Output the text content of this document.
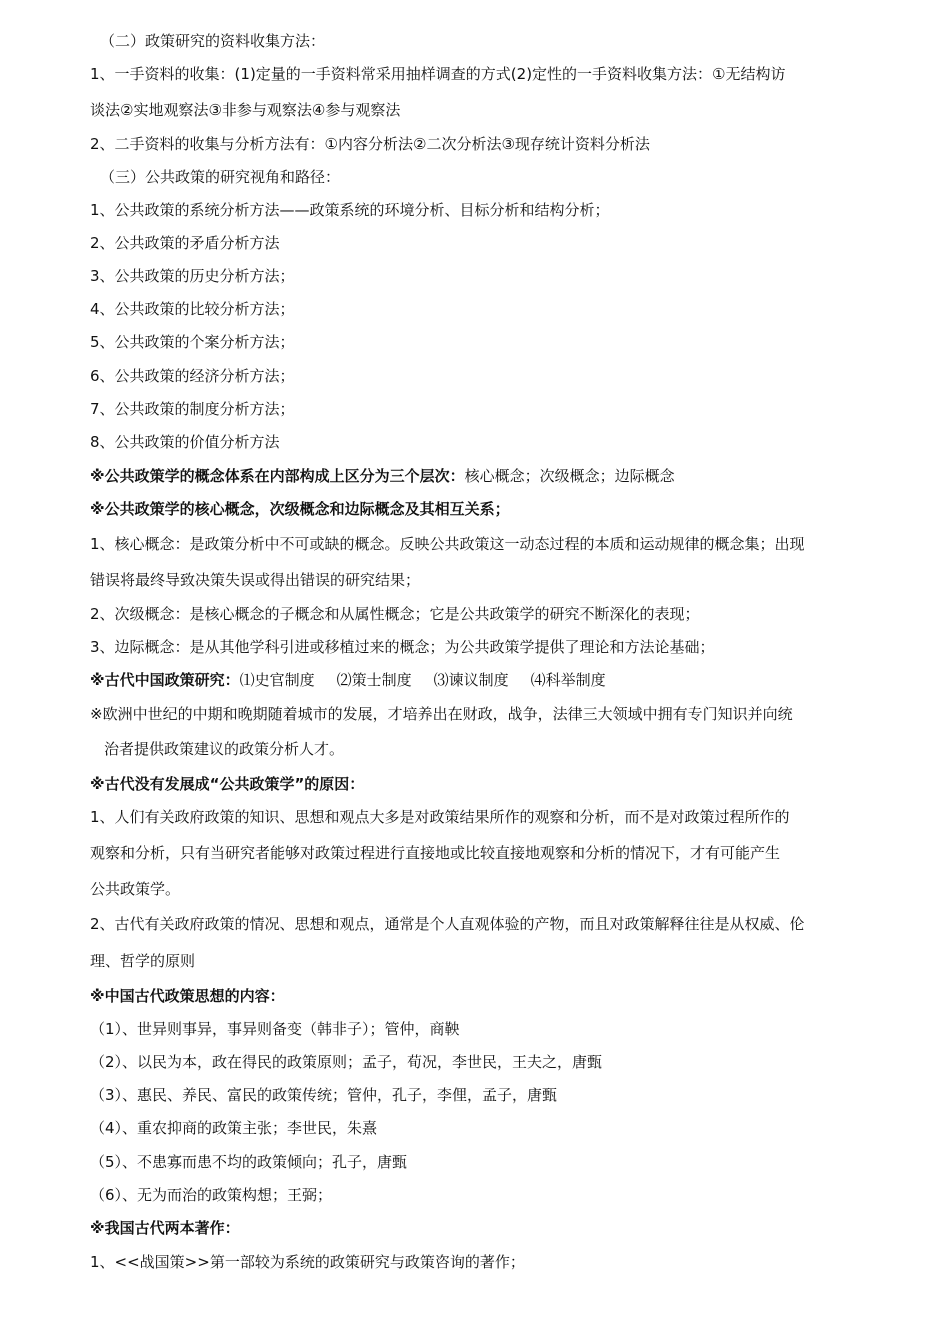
（二）政策研究的资料收集方法：
1、一手资料的收集：(1)定量的一手资料常采用抽样调查的方式(2)定性的一手资料收集方法：①无结构访
谈法②实地观察法③非参与观察法④参与观察法
2、二手资料的收集与分析方法有：①内容分析法②二次分析法③现存统计资料分析法
（三）公共政策的研究视角和路径：
1、公共政策的系统分析方法——政策系统的环境分析、目标分析和结构分析；
2、公共政策的矛盾分析方法
3、公共政策的历史分析方法；
4、公共政策的比较分析方法；
5、公共政策的个案分析方法；
6、公共政策的经济分析方法；
7、公共政策的制度分析方法；
8、公共政策的价值分析方法
※公共政策学的概念体系在内部构成上区分为三个层次：核心概念；次级概念；边际概念
※公共政策学的核心概念，次级概念和边际概念及其相互关系；
1、核心概念：是政策分析中不可或缺的概念。反映公共政策这一动态过程的本质和运动规律的概念集；出现
错误将最终导致决策失误或得出错误的研究结果；
2、次级概念：是核心概念的子概念和从属性概念；它是公共政策学的研究不断深化的表现；
3、边际概念：是从其他学科引进或移植过来的概念；为公共政策学提供了理论和方法论基础；
※古代中国政策研究：⑴史官制度 ⑵策士制度 ⑶谏议制度 ⑷科举制度
※欧洲中世纪的中期和晚期随着城市的发展，才培养出在财政，战争，法律三大领域中拥有专门知识并向统
治者提供政策建议的政策分析人才。
※古代没有发展成“公共政策学”的原因：
1、人们有关政府政策的知识、思想和观点大多是对政策结果所作的观察和分析，而不是对政策过程所作的
观察和分析，只有当研究者能够对政策过程进行直接地或比较直接地观察和分析的情况下，才有可能产生
公共政策学。
2、古代有关政府政策的情况、思想和观点，通常是个人直观体验的产物，而且对政策解释往往是从权威、伦
理、哲学的原则
※中国古代政策思想的内容：
（1）、世异则事异，事异则备变（韩非子）；管仲，商鞅
（2）、以民为本，政在得民的政策原则；孟子，荀况，李世民，王夫之，唐甄
（3）、惠民、养民、富民的政策传统；管仲，孔子，李俚，孟子，唐甄
（4）、重农抑商的政策主张；李世民，朱熹
（5）、不患寡而患不均的政策倾向；孔子，唐甄
（6）、无为而治的政策构想；王弼；
※我国古代两本著作：
1、<<战国策>>第一部较为系统的政策研究与政策咨询的著作；
